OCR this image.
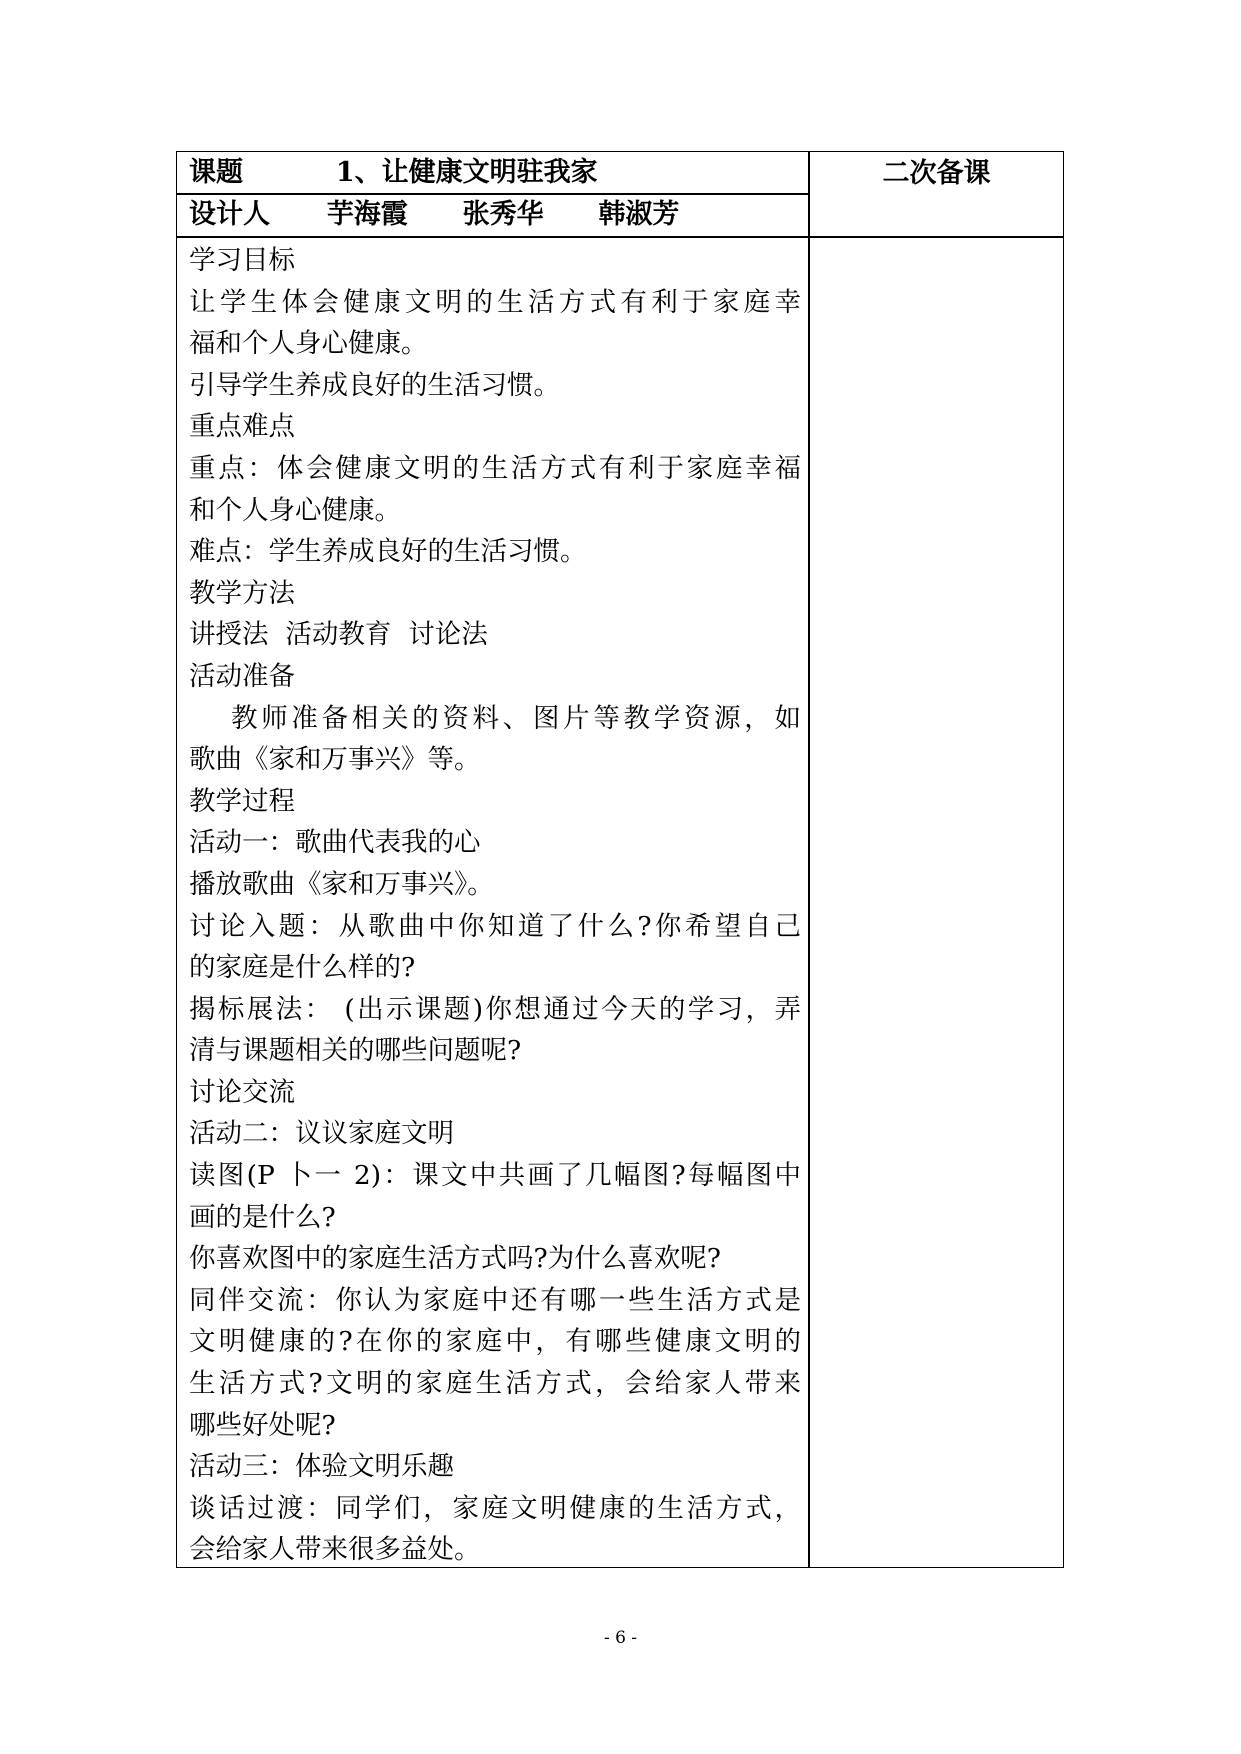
课题	1、让健康文明驻我家
设计人 芋海霞 张秀华 韩淑芳
二次备课
学习目标
让学生体会健康文明的生活方式有利于家庭幸
福和个人身心健康。
引导学生养成良好的生活习惯。
重点难点
重点：体会健康文明的生活方式有利于家庭幸福
和个人身心健康。
难点：学生养成良好的生活习惯。
教学方法
讲授法  活动教育  讨论法
活动准备
教师准备相关的资料、图片等教学资源，如
歌曲《家和万事兴》等。
教学过程
活动一：歌曲代表我的心
播放歌曲《家和万事兴》。
讨论入题：从歌曲中你知道了什么?你希望自己
的家庭是什么样的?
揭标展法： (出示课题)你想通过今天的学习，弄
清与课题相关的哪些问题呢?
讨论交流
活动二：议议家庭文明
读图(P 卜一 2)：课文中共画了几幅图?每幅图中
画的是什么?
你喜欢图中的家庭生活方式吗?为什么喜欢呢?
同伴交流：你认为家庭中还有哪一些生活方式是
文明健康的?在你的家庭中，有哪些健康文明的
生活方式?文明的家庭生活方式，会给家人带来
哪些好处呢?
活动三：体验文明乐趣
谈话过渡：同学们，家庭文明健康的生活方式，
会给家人带来很多益处。
- 6 -
